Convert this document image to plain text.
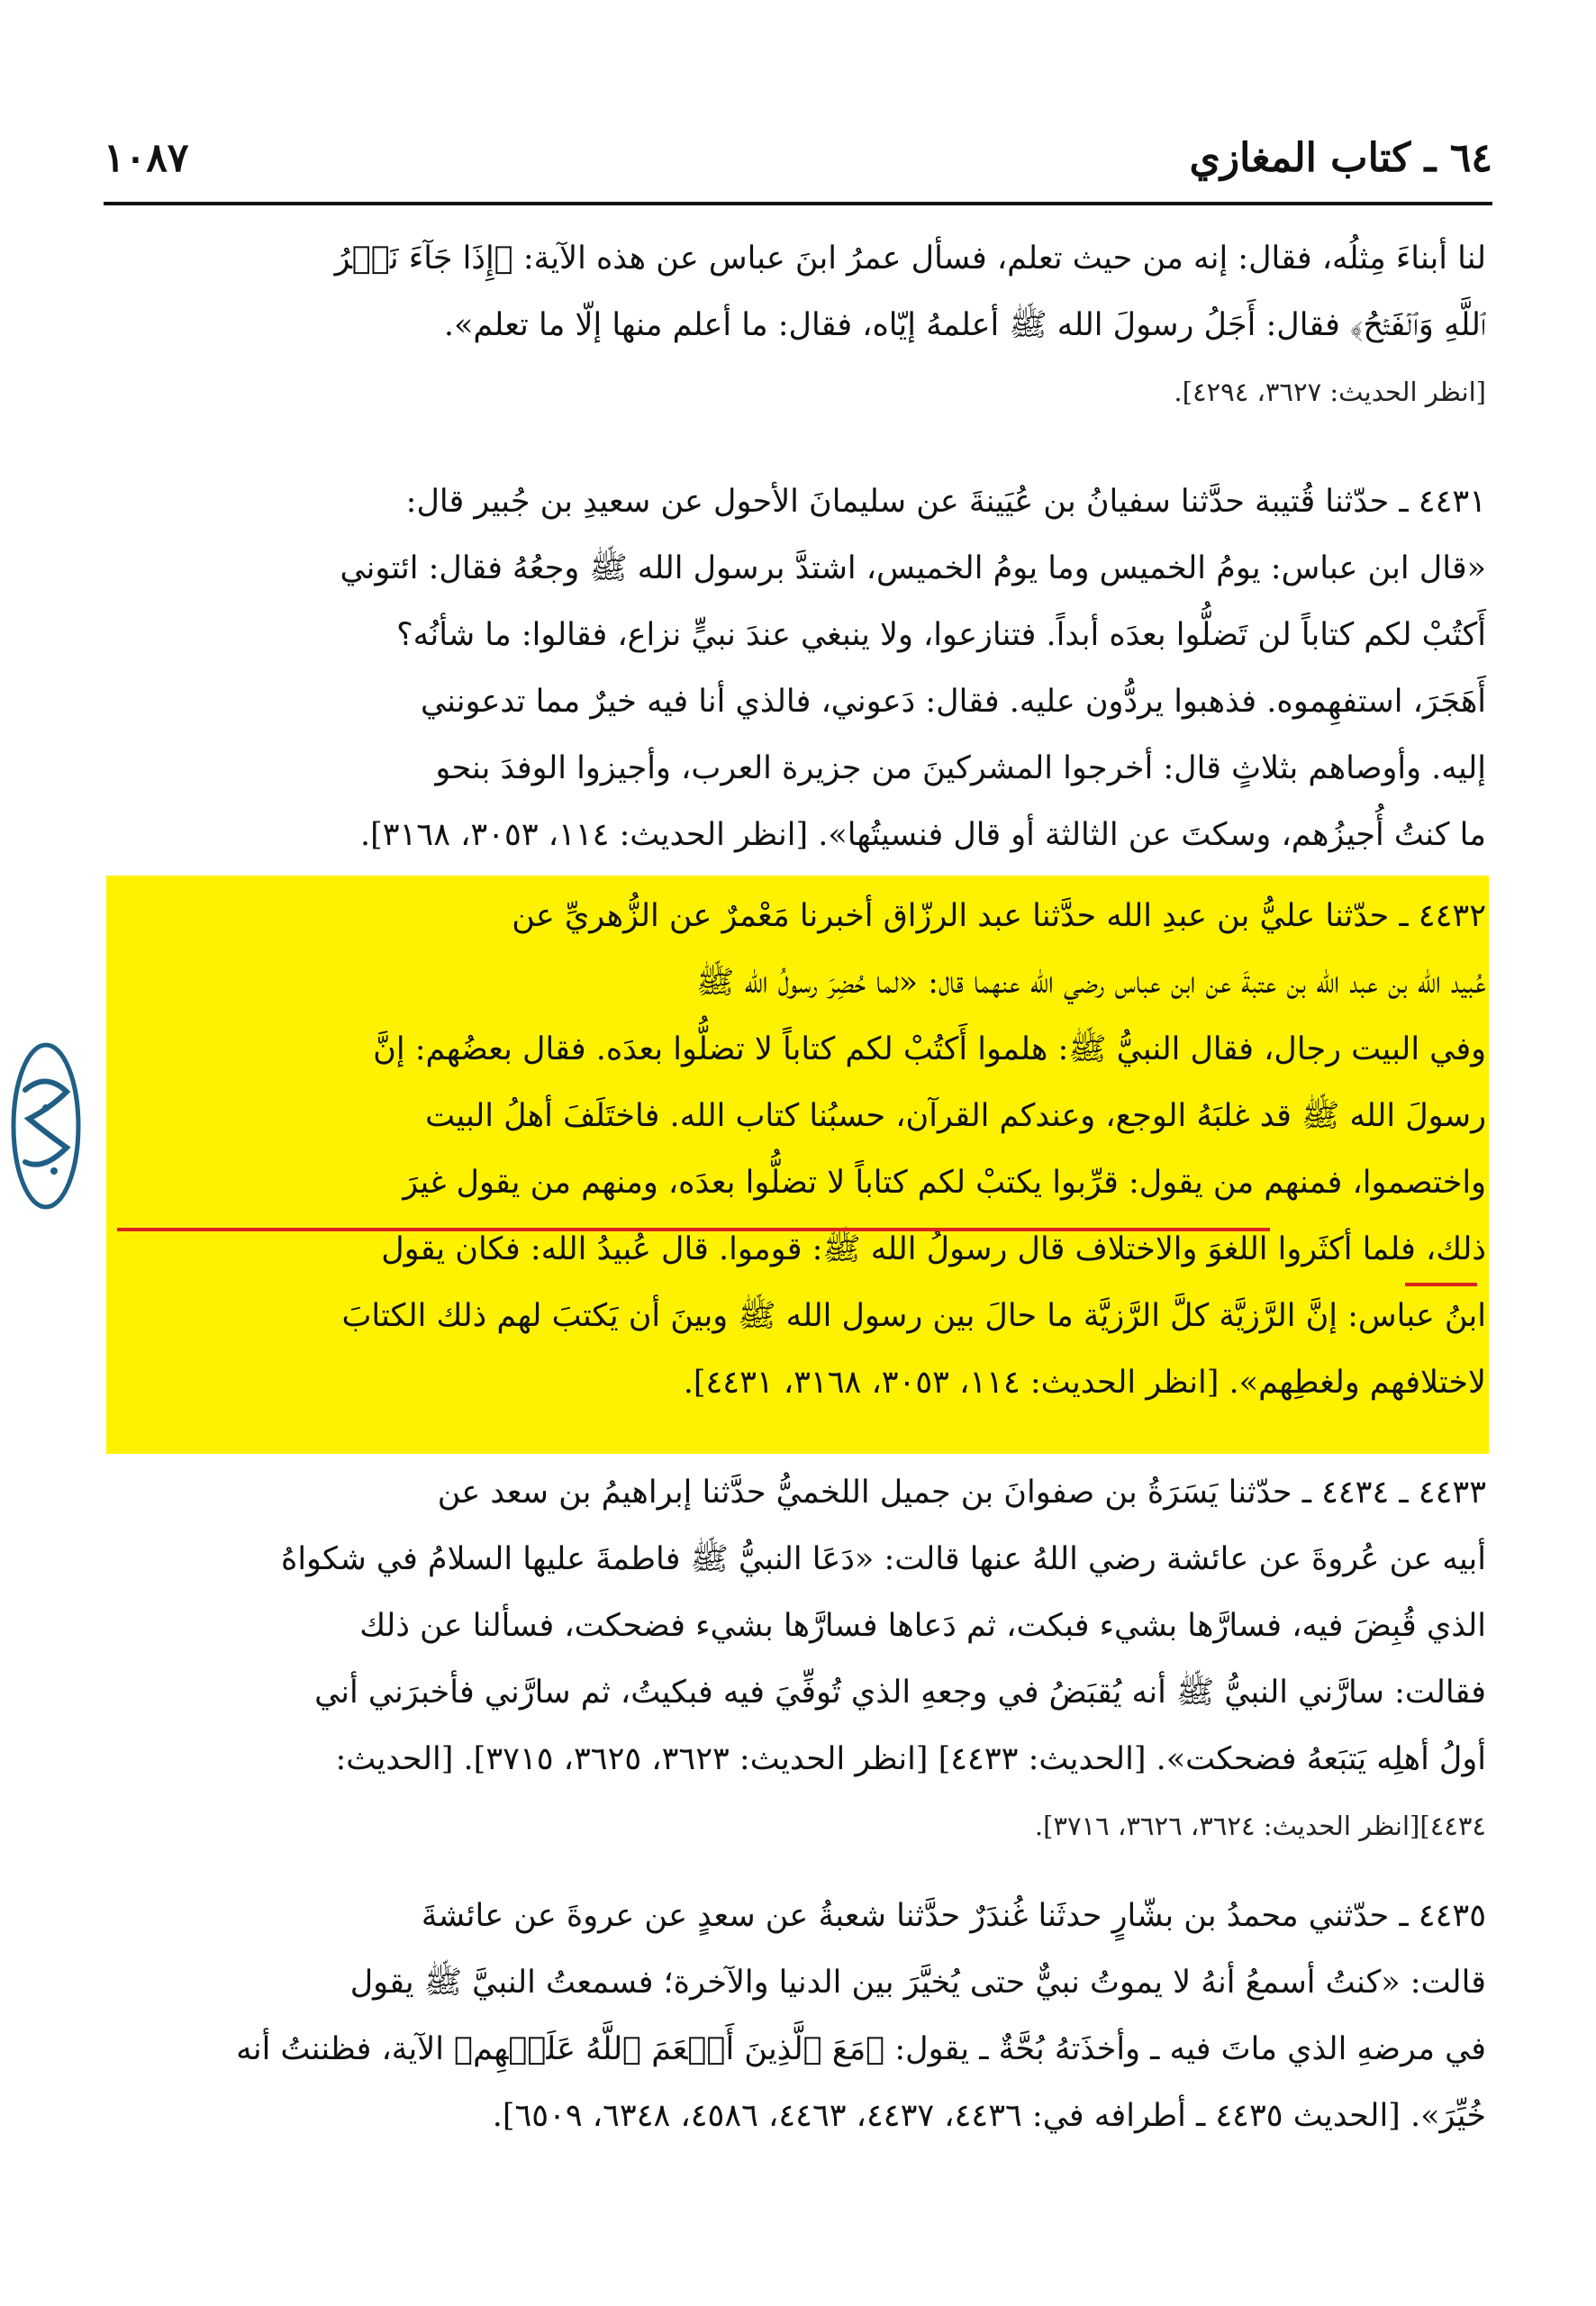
١٠٨٧	٦٤ ـ كتاب المغازي

لنا أبناءَ مِثلُه، فقال: إنه من حيث تعلم، فسأل عمرُ ابنَ عباس عن هذه الآية: ﴿إِذَا جَآءَ نَصۡرُ

ٱللَّهِ وَٱلۡفَتۡحُ﴾ فقال: أَجَلُ رسولَ الله ﷺ أعلمهُ إيّاه، فقال: ما أعلم منها إلّا ما تعلم».

[انظر الحديث: ٣٦٢٧، ٤٢٩٤].

٤٤٣١ ـ حدّثنا قُتيبة حدَّثنا سفيانُ بن عُيَينةَ عن سليمانَ الأحول عن سعيدِ بن جُبير قال:

«قال ابن عباس: يومُ الخميس وما يومُ الخميس، اشتدَّ برسول الله ﷺ وجعُهُ فقال: ائتوني

أَكتُبْ لكم كتاباً لن تَضلُّوا بعدَه أبداً. فتنازعوا، ولا ينبغي عندَ نبيٍّ نزاع، فقالوا: ما شأنُه؟

أَهَجَرَ، استفهِموه. فذهبوا يردُّون عليه. فقال: دَعوني، فالذي أنا فيه خيرٌ مما تدعونني

إليه. وأوصاهم بثلاثٍ قال: أخرجوا المشركينَ من جزيرة العرب، وأجيزوا الوفدَ بنحو

ما كنتُ أُجيزُهم، وسكتَ عن الثالثة أو قال فنسيتُها». [انظر الحديث: ١١٤، ٣٠٥٣، ٣١٦٨].

٤٤٣٢ ـ حدّثنا عليُّ بن عبدِ الله حدَّثنا عبد الرزّاق أخبرنا مَعْمرٌ عن الزُّهريِّ عن

عُبيد الله بن عبد الله بن عتبةَ عن ابن عباس رضي الله عنهما قال: «لما حُضِرَ رسولُ الله ﷺ

وفي البيت رجال، فقال النبيُّ ﷺ: هلموا أَكتُبْ لكم كتاباً لا تضلُّوا بعدَه. فقال بعضُهم: إنَّ

رسولَ الله ﷺ قد غلبَهُ الوجع، وعندكم القرآن، حسبُنا كتاب الله. فاختَلَفَ أهلُ البيت

واختصموا، فمنهم من يقول: قرِّبوا يكتبْ لكم كتاباً لا تضلُّوا بعدَه، ومنهم من يقول غيرَ

ذلك، فلما أكثَروا اللغوَ والاختلاف قال رسولُ الله ﷺ: قوموا. قال عُبيدُ الله: فكان يقول

ابنُ عباس: إنَّ الرَّزيَّة كلَّ الرَّزيَّة ما حالَ بين رسول الله ﷺ وبينَ أن يَكتبَ لهم ذلك الكتابَ

لاختلافهم ولغطِهم». [انظر الحديث: ١١٤، ٣٠٥٣، ٣١٦٨، ٤٤٣١].

٤٤٣٣ ـ ٤٤٣٤ ـ حدّثنا يَسَرَةُ بن صفوانَ بن جميل اللخميُّ حدَّثنا إبراهيمُ بن سعد عن

أبيه عن عُروةَ عن عائشة رضي اللهُ عنها قالت: «دَعَا النبيُّ ﷺ فاطمةَ عليها السلامُ في شكواهُ

الذي قُبِضَ فيه، فسارَّها بشيء فبكت، ثم دَعاها فسارَّها بشيء فضحكت، فسألنا عن ذلك

فقالت: سارَّني النبيُّ ﷺ أنه يُقبَضُ في وجعهِ الذي تُوفِّيَ فيه فبكيتُ، ثم سارَّني فأخبرَني أني

أولُ أهلِه يَتبَعهُ فضحكت». [الحديث: ٤٤٣٣] [انظر الحديث: ٣٦٢٣، ٣٦٢٥، ٣٧١٥]. [الحديث:

٤٤٣٤][انظر الحديث: ٣٦٢٤، ٣٦٢٦، ٣٧١٦].

٤٤٣٥ ـ حدّثني محمدُ بن بشّارٍ حدثَنا غُندَرٌ حدَّثنا شعبةُ عن سعدٍ عن عروةَ عن عائشةَ

قالت: «كنتُ أسمعُ أنهُ لا يموتُ نبيٌّ حتى يُخيَّرَ بين الدنيا والآخرة؛ فسمعتُ النبيَّ ﷺ يقول

في مرضهِ الذي ماتَ فيه ـ وأخذَتهُ بُحَّةٌ ـ يقول: ﴿مَعَ ٱلَّذِينَ أَنۡعَمَ ٱللَّهُ عَلَيۡهِم﴾ الآية، فظننتُ أنه

خُيِّرَ». [الحديث ٤٤٣٥ ـ أطرافه في: ٤٤٣٦، ٤٤٣٧، ٤٤٦٣، ٤٥٨٦، ٦٣٤٨، ٦٥٠٩].
